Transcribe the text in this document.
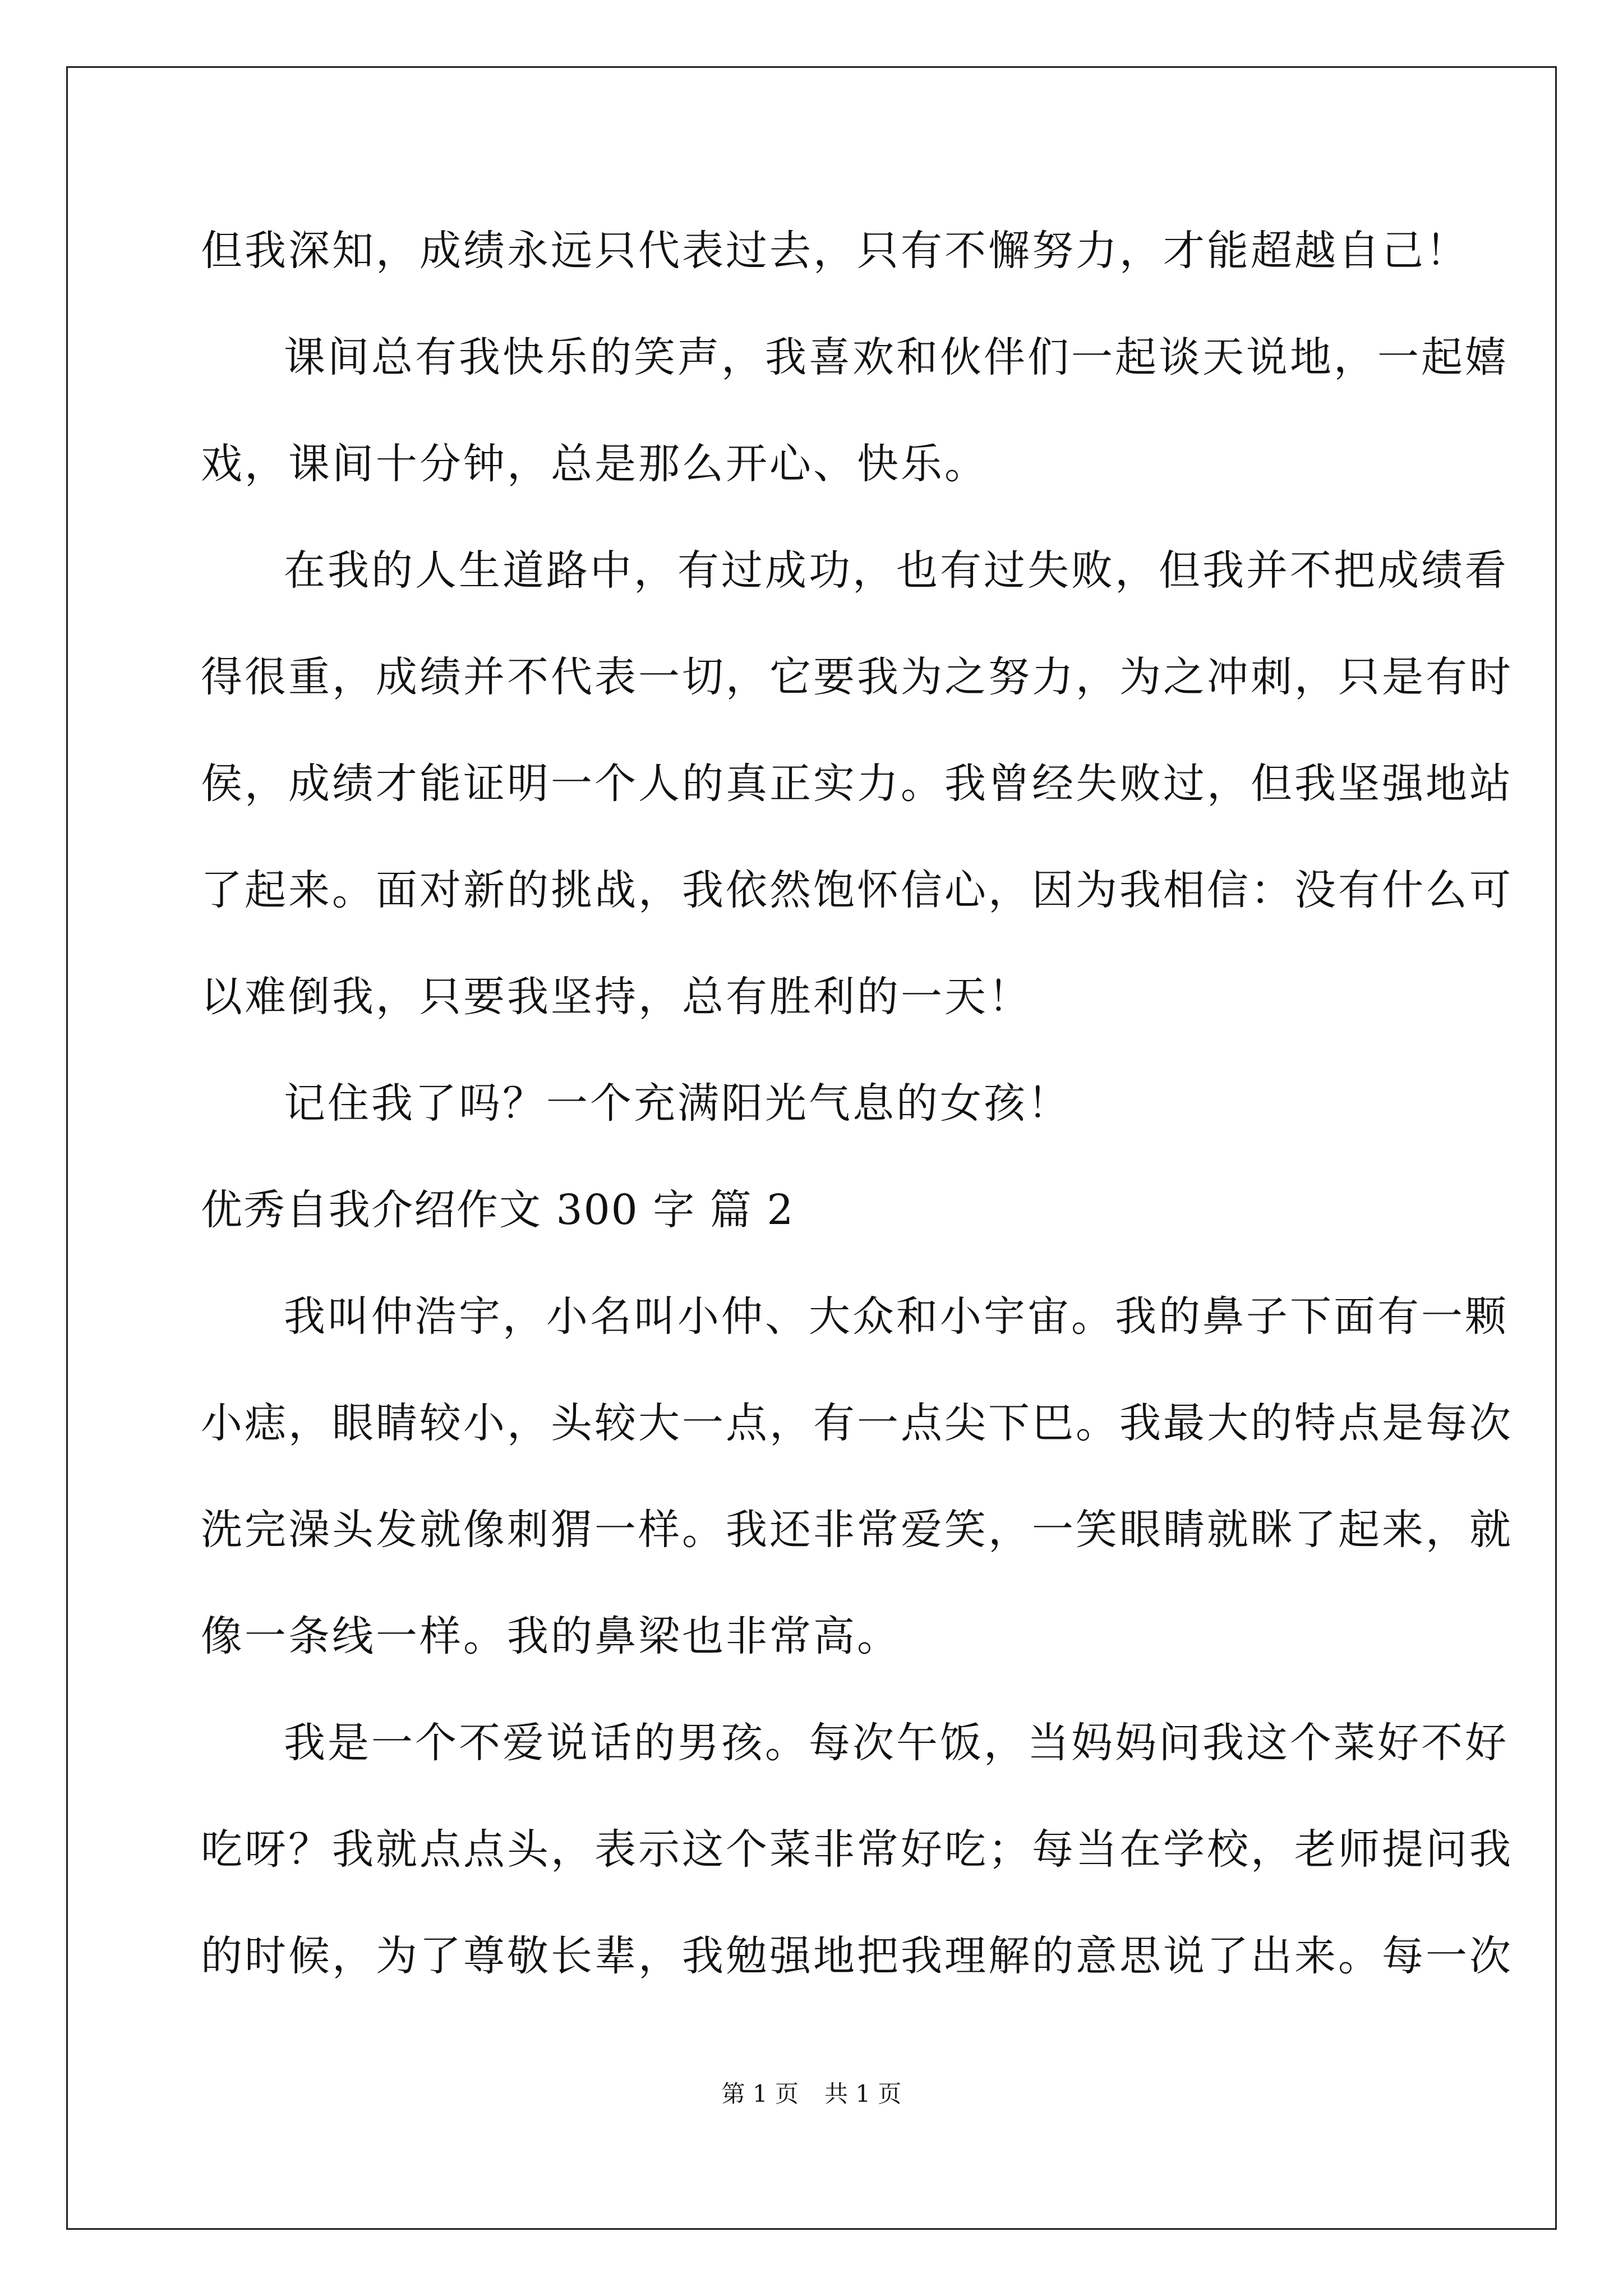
但我深知，成绩永远只代表过去，只有不懈努力，才能超越自己！
课间总有我快乐的笑声，我喜欢和伙伴们一起谈天说地，一起嬉
戏，课间十分钟，总是那么开心、快乐。
在我的人生道路中，有过成功，也有过失败，但我并不把成绩看
得很重，成绩并不代表一切，它要我为之努力，为之冲刺，只是有时
侯，成绩才能证明一个人的真正实力。我曾经失败过，但我坚强地站
了起来。面对新的挑战，我依然饱怀信心，因为我相信：没有什么可
以难倒我，只要我坚持，总有胜利的一天！
记住我了吗？一个充满阳光气息的女孩！
优秀自我介绍作文 300 字 篇 2
我叫仲浩宇，小名叫小仲、大众和小宇宙。我的鼻子下面有一颗
小痣，眼睛较小，头较大一点，有一点尖下巴。我最大的特点是每次
洗完澡头发就像刺猬一样。我还非常爱笑，一笑眼睛就眯了起来，就
像一条线一样。我的鼻梁也非常高。
我是一个不爱说话的男孩。每次午饭，当妈妈问我这个菜好不好
吃呀？我就点点头，表示这个菜非常好吃；每当在学校，老师提问我
的时候，为了尊敬长辈，我勉强地把我理解的意思说了出来。每一次
第 1 页 共 1 页
